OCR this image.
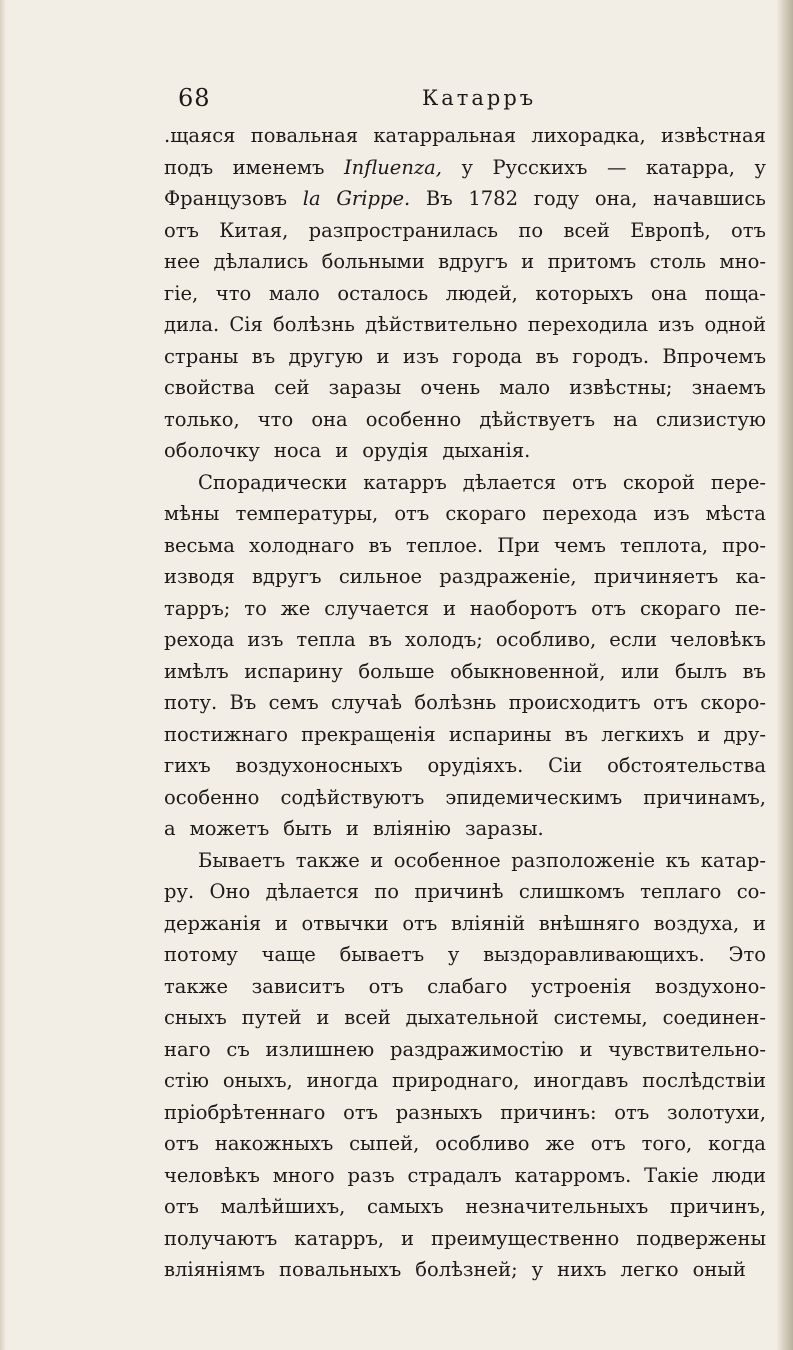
68	Катарръ
.щаяся повальная катарральная лихорадка, извѣстная
подъ именемъ Influenza, у Русскихъ — катарра, у
Французовъ la Grippe. Въ 1782 году она, начавшись
отъ Китая, разпространилась по всей Европѣ, отъ
нее дѣлались больными вдругъ и притомъ столь мно-
гіе, что мало осталось людей, которыхъ она пощa-
дила. Сія болѣзнь дѣйствительно переходила изъ одной
страны въ другую и изъ города въ городъ. Впрочемъ
свойства сей заразы очень мало извѣстны; знаемъ
только, что она особенно дѣйствуетъ на слизистую
оболочку носа и орудія дыханія.
Спорадически катарръ дѣлается отъ скорой пере-
мѣны температуры, отъ скораго перехода изъ мѣста
весьма холоднаго въ теплое. При чемъ теплота, про-
изводя вдругъ сильное раздраженіе, причиняетъ ка-
тарръ; то же случается и наоборотъ отъ скораго пе-
рехода изъ тепла въ холодъ; особливо, если человѣкъ
имѣлъ испарину больше обыкновенной, или былъ въ
поту. Въ семъ случаѣ болѣзнь происходитъ отъ скоро-
постижнаго прекращенія испарины въ легкихъ и дру-
гихъ воздухоносныхъ орудіяхъ. Сіи обстоятельства
особенно содѣйствуютъ эпидемическимъ причинамъ,
а можетъ быть и вліянію заразы.
Бываетъ также и особенное разположеніе къ катар-
ру. Оно дѣлается по причинѣ слишкомъ теплаго со-
держанія и отвычки отъ вліяній внѣшняго воздуха, и
потому чаще бываетъ у выздоравливающихъ. Это
также зависитъ отъ слабаго устроенія воздухоно-
сныхъ путей и всей дыхательной системы, соединен-
наго съ излишнею раздражимостію и чувствительно-
стію оныхъ, иногда природнаго, иногдавъ послѣдствіи
пріобрѣтеннаго отъ разныхъ причинъ: отъ золотухи,
отъ накожныхъ сыпей, особливо же отъ того, когда
человѣкъ много разъ страдалъ катарромъ. Такіе люди
отъ малѣйшихъ, самыхъ незначительныхъ причинъ,
получаютъ катарръ, и преимущественно подвержены
вліяніямъ повальныхъ болѣзней; у нихъ легко оный
